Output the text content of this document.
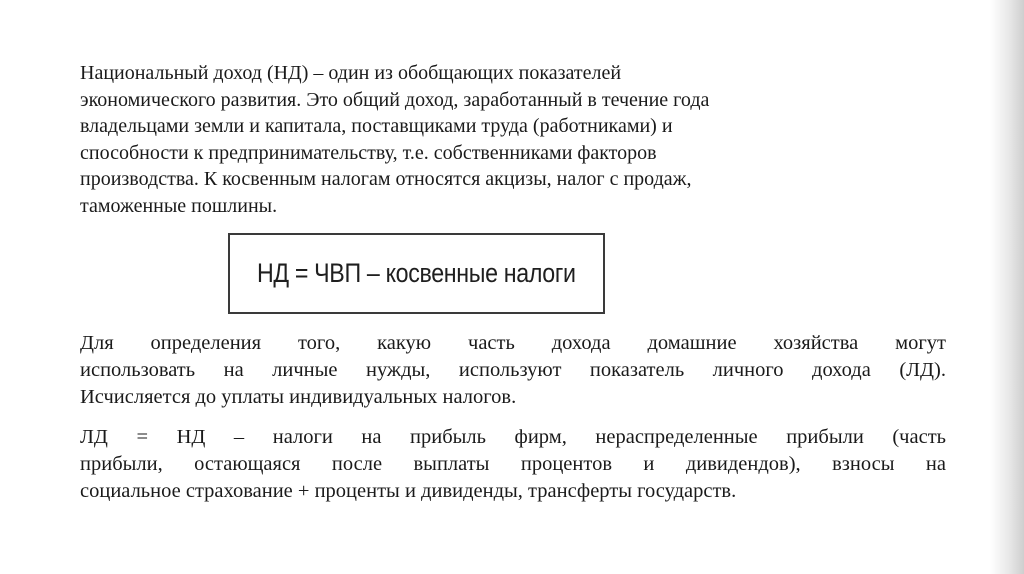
Национальный доход (НД) – один из обобщающих показателей
экономического развития. Это общий доход, заработанный в течение года
владельцами земли и капитала, поставщиками труда (работниками) и
способности к предпринимательству, т.е. собственниками факторов
производства. К косвенным налогам относятся акцизы, налог с продаж,
таможенные пошлины.

НД = ЧВП – косвенные налоги

Для определения того, какую часть дохода домашние хозяйства могут
использовать на личные нужды, используют показатель личного дохода (ЛД).
Исчисляется до уплаты индивидуальных налогов.

ЛД = НД – налоги на прибыль фирм, нераспределенные прибыли (часть
прибыли, остающаяся после выплаты процентов и дивидендов), взносы на
социальное страхование + проценты и дивиденды, трансферты государств.
